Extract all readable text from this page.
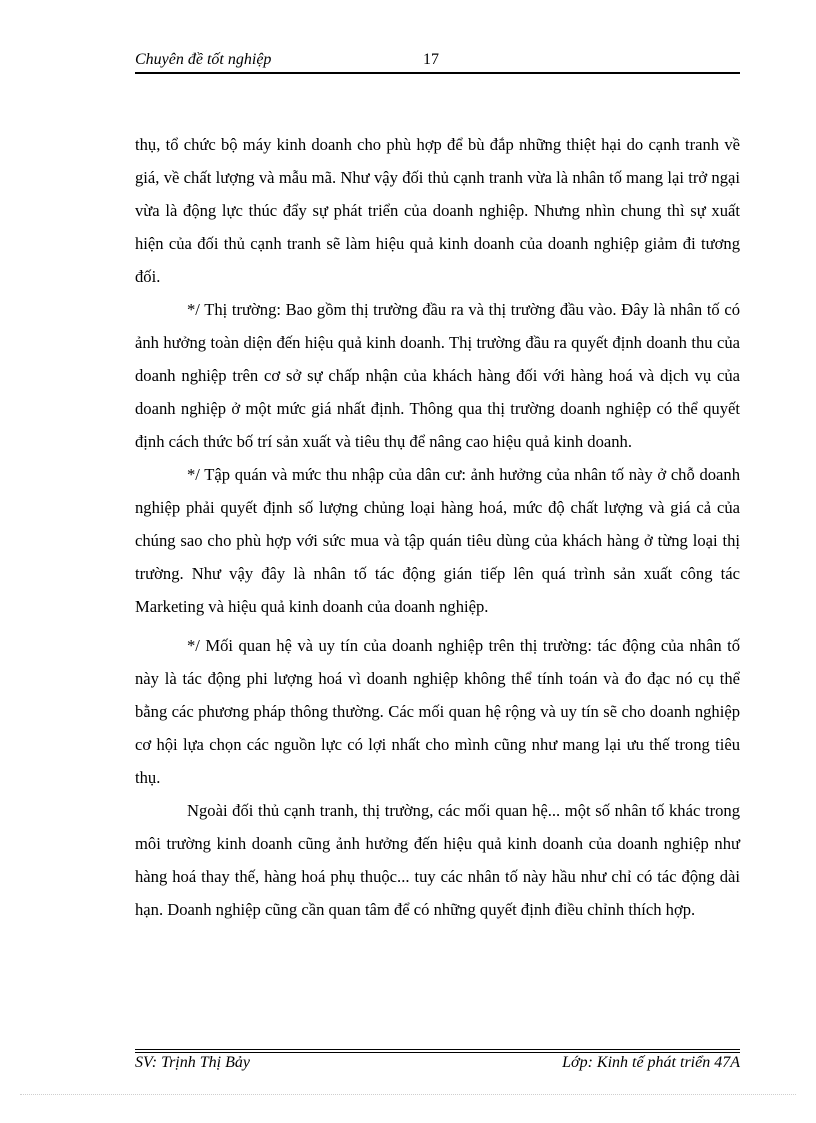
Chuyên đề tốt nghiệp	17

thụ, tổ chức bộ máy kinh doanh cho phù hợp để bù đắp những thiệt hại do cạnh tranh về giá, về chất lượng và mẫu mã. Như vậy đối thủ cạnh tranh vừa là nhân tố mang lại trở ngại vừa là động lực thúc đẩy sự phát triển của doanh nghiệp. Nhưng nhìn chung thì sự xuất hiện của đối thủ cạnh tranh sẽ làm hiệu quả kinh doanh của doanh nghiệp giảm đi tương đối.

*/ Thị trường: Bao gồm thị trường đầu ra và thị trường đầu vào. Đây là nhân tố có ảnh hưởng toàn diện đến hiệu quả kinh doanh. Thị trường đầu ra quyết định doanh thu của doanh nghiệp trên cơ sở sự chấp nhận của khách hàng đối với hàng hoá và dịch vụ của doanh nghiệp ở một mức giá nhất định. Thông qua thị trường doanh nghiệp có thể quyết định cách thức bố trí sản xuất và tiêu thụ để nâng cao hiệu quả kinh doanh.

*/ Tập quán và mức thu nhập của dân cư: ảnh hưởng của nhân tố này ở chỗ doanh nghiệp phải quyết định số lượng chủng loại hàng hoá, mức độ chất lượng và giá cả của chúng sao cho phù hợp với sức mua và tập quán tiêu dùng của khách hàng ở từng loại thị trường. Như vậy đây là nhân tố tác động gián tiếp lên quá trình sản xuất công tác Marketing và hiệu quả kinh doanh của doanh nghiệp.

*/ Mối quan hệ và uy tín của doanh nghiệp trên thị trường: tác động của nhân tố này là tác động phi lượng hoá vì doanh nghiệp không thể tính toán và đo đạc nó cụ thể bằng các phương pháp thông thường. Các mối quan hệ rộng và uy tín sẽ cho doanh nghiệp cơ hội lựa chọn các nguồn lực có lợi nhất cho mình cũng như mang lại ưu thế trong tiêu thụ.

Ngoài đối thủ cạnh tranh, thị trường, các mối quan hệ... một số nhân tố khác trong môi trường kinh doanh cũng ảnh hưởng đến hiệu quả kinh doanh của doanh nghiệp như hàng hoá thay thế, hàng hoá phụ thuộc... tuy các nhân tố này hầu như chỉ có tác động dài hạn. Doanh nghiệp cũng cần quan tâm để có những quyết định điều chỉnh thích hợp.

SV: Trịnh Thị Bảy	Lớp: Kinh tế phát triển 47A
